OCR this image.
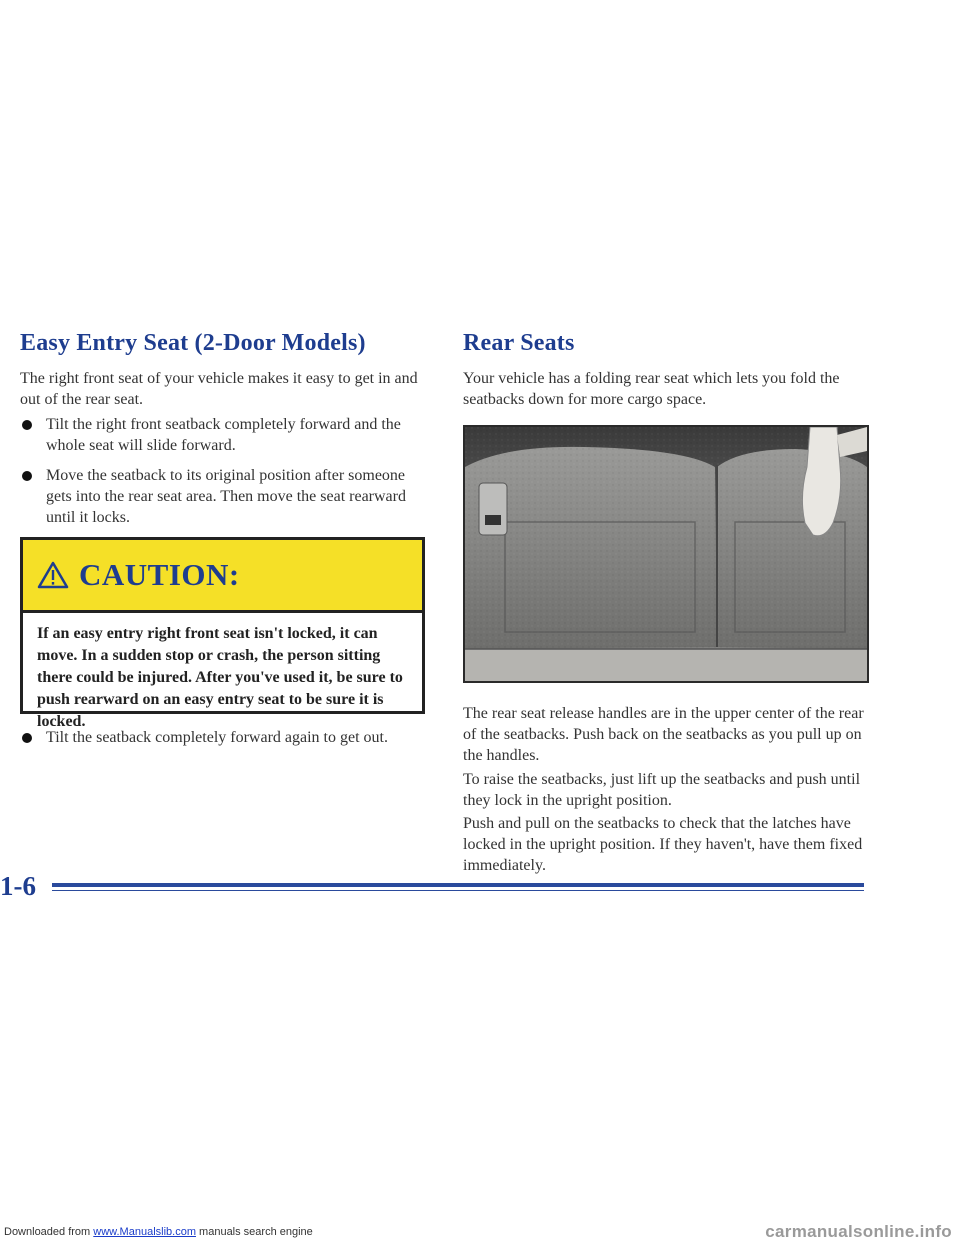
Easy Entry Seat (2-Door Models)

The right front seat of your vehicle makes it easy to get in and out of the rear seat.

Tilt the right front seatback completely forward and the whole seat will slide forward.

Move the seatback to its original position after someone gets into the rear seat area. Then move the seat rearward until it locks.

CAUTION:
If an easy entry right front seat isn't locked, it can move. In a sudden stop or crash, the person sitting there could be injured. After you've used it, be sure to push rearward on an easy entry seat to be sure it is locked.

Tilt the seatback completely forward again to get out.

Rear Seats

Your vehicle has a folding rear seat which lets you fold the seatbacks down for more cargo space.

The rear seat release handles are in the upper center of the rear of the seatbacks. Push back on the seatbacks as you pull up on the handles.

To raise the seatbacks, just lift up the seatbacks and push until they lock in the upright position.

Push and pull on the seatbacks to check that the latches have locked in the upright position. If they haven't, have them fixed immediately.

1-6
Downloaded from www.Manualslib.com manuals search engine	carmanualsonline.info
